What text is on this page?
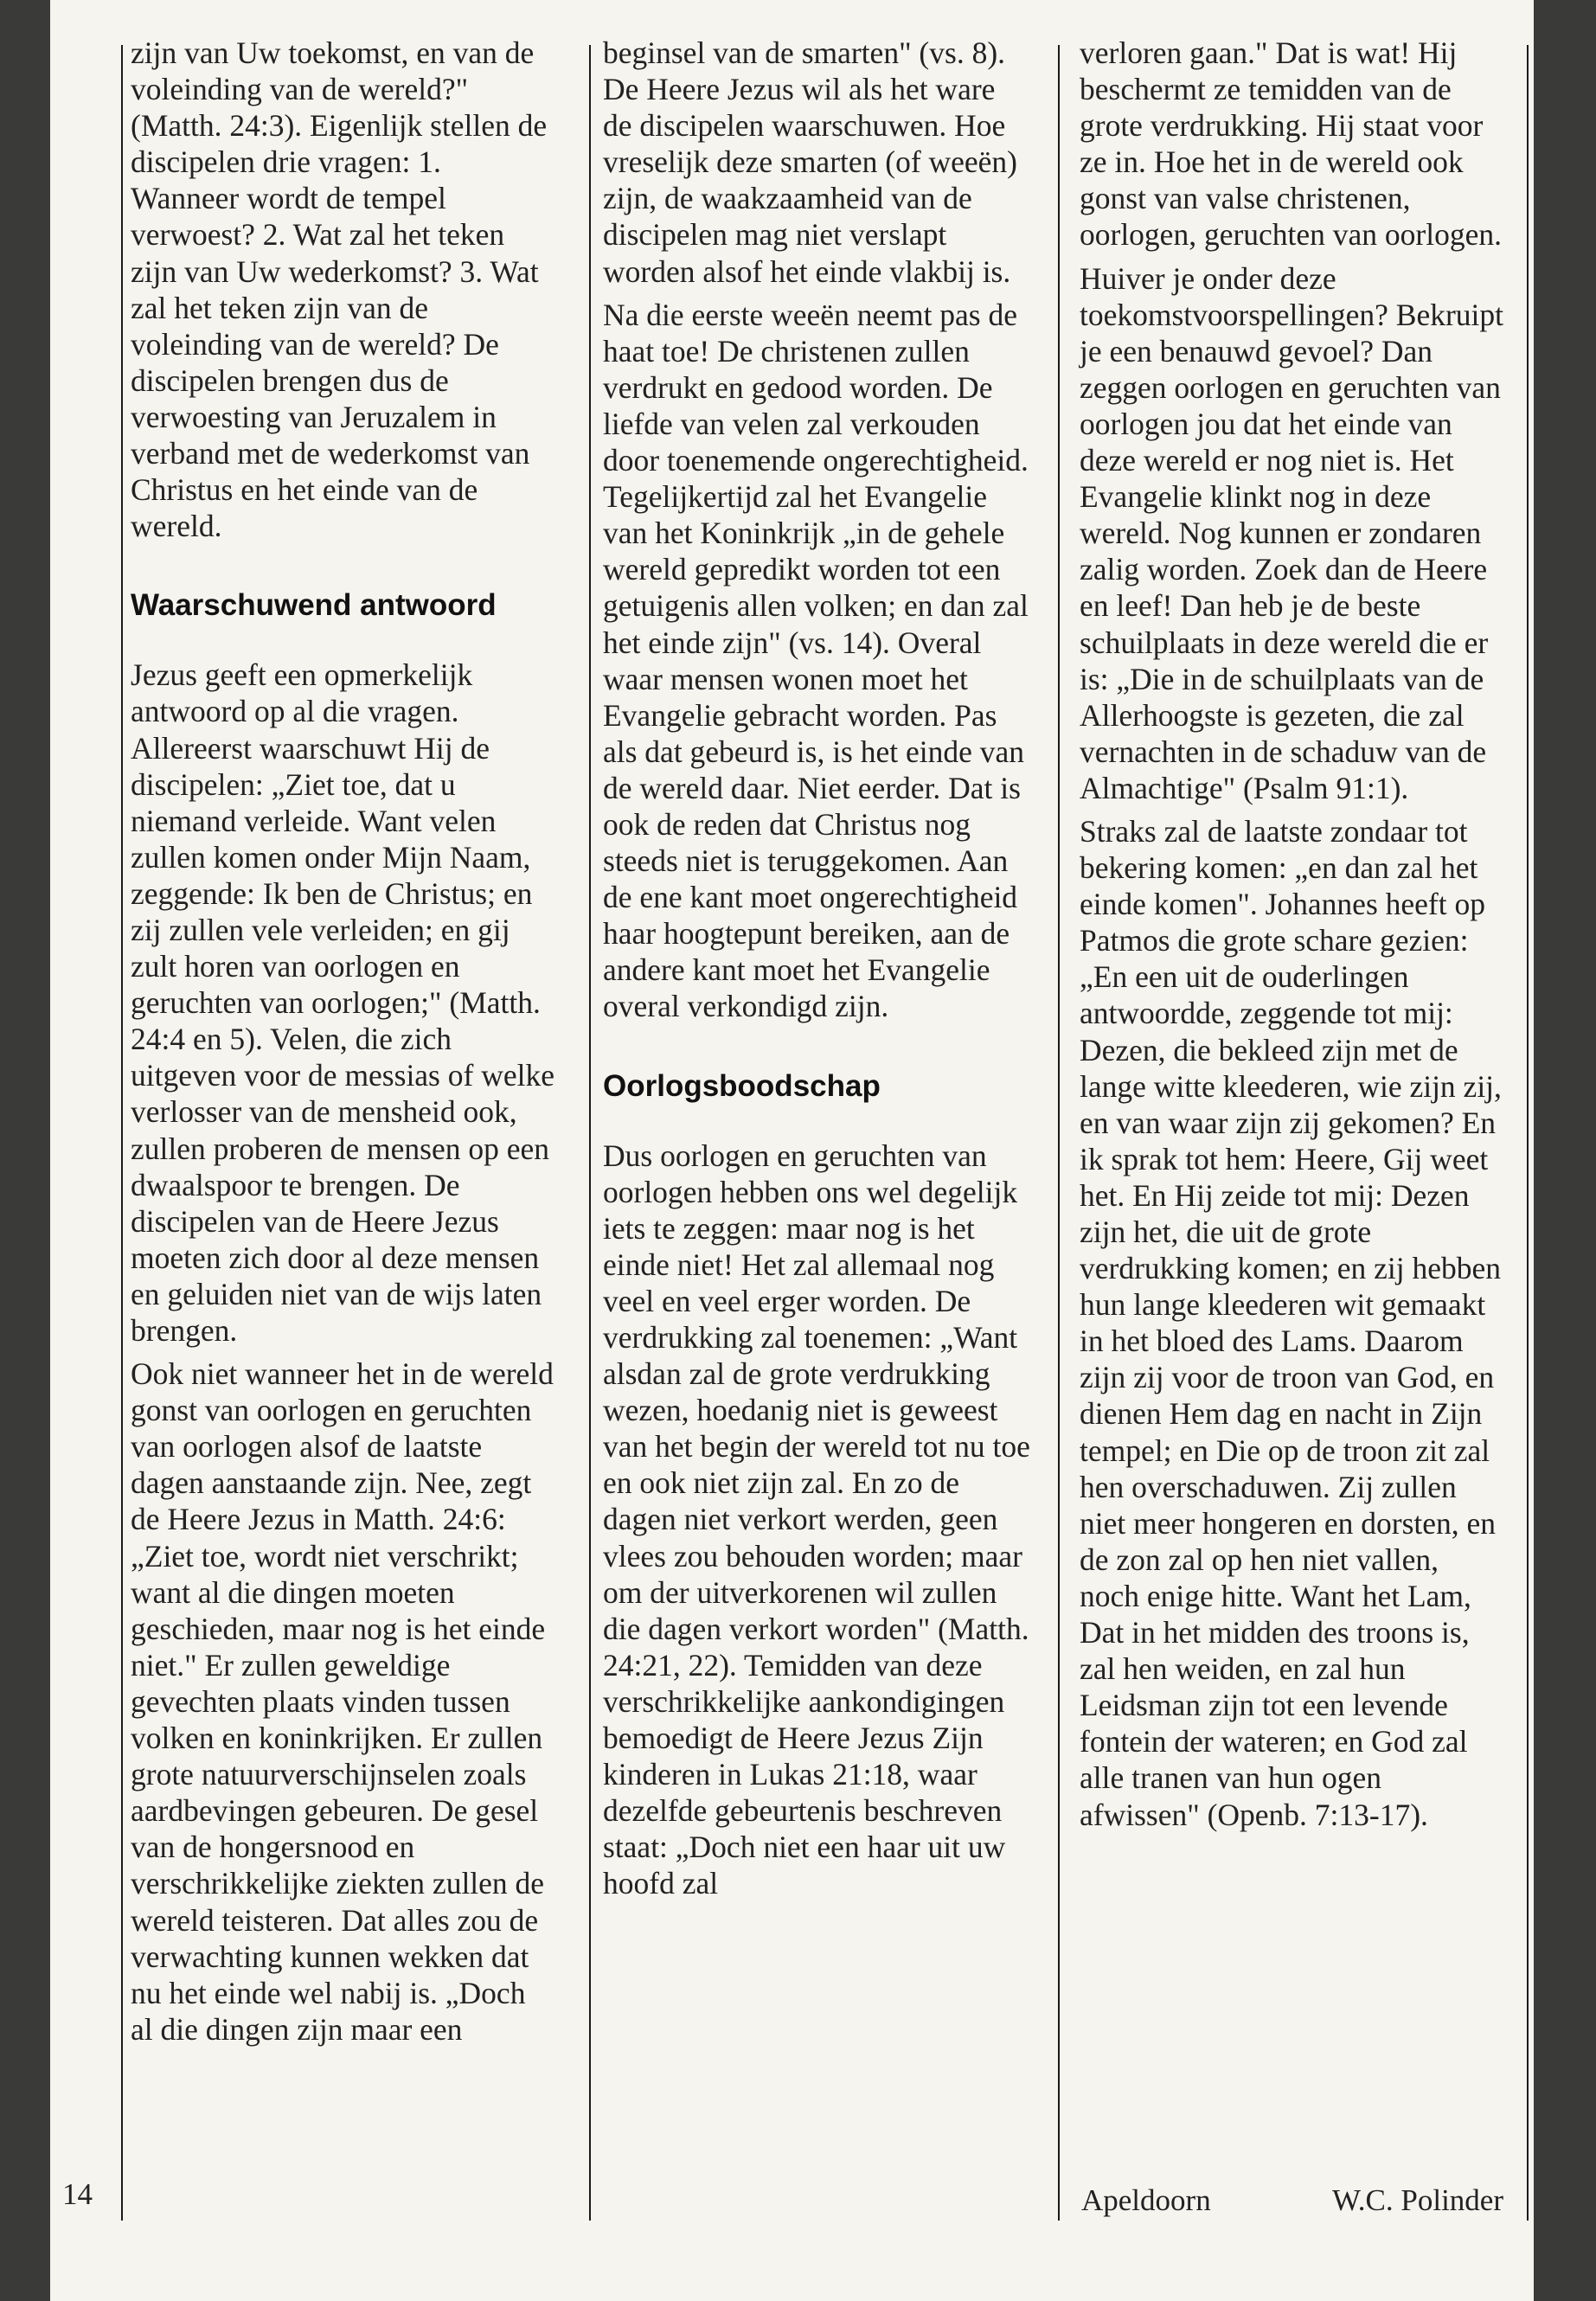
zijn van Uw toekomst, en van de voleinding van de wereld?" (Matth. 24:3). Eigenlijk stellen de discipelen drie vragen: 1. Wanneer wordt de tempel verwoest? 2. Wat zal het teken zijn van Uw wederkomst? 3. Wat zal het teken zijn van de voleinding van de wereld? De discipelen brengen dus de verwoesting van Jeruzalem in verband met de wederkomst van Christus en het einde van de wereld.

Waarschuwend antwoord

Jezus geeft een opmerkelijk antwoord op al die vragen. Allereerst waarschuwt Hij de discipelen: „Ziet toe, dat u niemand verleide. Want velen zullen komen onder Mijn Naam, zeggende: Ik ben de Christus; en zij zullen vele verleiden; en gij zult horen van oorlogen en geruchten van oorlogen;" (Matth. 24:4 en 5). Velen, die zich uitgeven voor de messias of welke verlosser van de mensheid ook, zullen proberen de mensen op een dwaalspoor te brengen. De discipelen van de Heere Jezus moeten zich door al deze mensen en geluiden niet van de wijs laten brengen.

Ook niet wanneer het in de wereld gonst van oorlogen en geruchten van oorlogen alsof de laatste dagen aanstaande zijn. Nee, zegt de Heere Jezus in Matth. 24:6: „Ziet toe, wordt niet verschrikt; want al die dingen moeten geschieden, maar nog is het einde niet." Er zullen geweldige gevechten plaats vinden tussen volken en koninkrijken. Er zullen grote natuurverschijnselen zoals aardbevingen gebeuren. De gesel van de hongersnood en verschrikkelijke ziekten zullen de wereld teisteren. Dat alles zou de verwachting kunnen wekken dat nu het einde wel nabij is. „Doch al die dingen zijn maar een

beginsel van de smarten" (vs. 8). De Heere Jezus wil als het ware de discipelen waarschuwen. Hoe vreselijk deze smarten (of weeën) zijn, de waakzaamheid van de discipelen mag niet verslapt worden alsof het einde vlakbij is.

Na die eerste weeën neemt pas de haat toe! De christenen zullen verdrukt en gedood worden. De liefde van velen zal verkouden door toenemende ongerechtigheid. Tegelijkertijd zal het Evangelie van het Koninkrijk „in de gehele wereld gepredikt worden tot een getuigenis allen volken; en dan zal het einde zijn" (vs. 14). Overal waar mensen wonen moet het Evangelie gebracht worden. Pas als dat gebeurd is, is het einde van de wereld daar. Niet eerder. Dat is ook de reden dat Christus nog steeds niet is teruggekomen. Aan de ene kant moet ongerechtigheid haar hoogtepunt bereiken, aan de andere kant moet het Evangelie overal verkondigd zijn.

Oorlogsboodschap

Dus oorlogen en geruchten van oorlogen hebben ons wel degelijk iets te zeggen: maar nog is het einde niet! Het zal allemaal nog veel en veel erger worden. De verdrukking zal toenemen: „Want alsdan zal de grote verdrukking wezen, hoedanig niet is geweest van het begin der wereld tot nu toe en ook niet zijn zal. En zo de dagen niet verkort werden, geen vlees zou behouden worden; maar om der uitverkorenen wil zullen die dagen verkort worden" (Matth. 24:21, 22). Temidden van deze verschrikkelijke aankondigingen bemoedigt de Heere Jezus Zijn kinderen in Lukas 21:18, waar dezelfde gebeurtenis beschreven staat: „Doch niet een haar uit uw hoofd zal

verloren gaan." Dat is wat! Hij beschermt ze temidden van de grote verdrukking. Hij staat voor ze in. Hoe het in de wereld ook gonst van valse christenen, oorlogen, geruchten van oorlogen.

Huiver je onder deze toekomstvoorspellingen? Bekruipt je een benauwd gevoel? Dan zeggen oorlogen en geruchten van oorlogen jou dat het einde van deze wereld er nog niet is. Het Evangelie klinkt nog in deze wereld. Nog kunnen er zondaren zalig worden. Zoek dan de Heere en leef! Dan heb je de beste schuilplaats in deze wereld die er is: „Die in de schuilplaats van de Allerhoogste is gezeten, die zal vernachten in de schaduw van de Almachtige" (Psalm 91:1).

Straks zal de laatste zondaar tot bekering komen: „en dan zal het einde komen". Johannes heeft op Patmos die grote schare gezien: „En een uit de ouderlingen antwoordde, zeggende tot mij: Dezen, die bekleed zijn met de lange witte kleederen, wie zijn zij, en van waar zijn zij gekomen? En ik sprak tot hem: Heere, Gij weet het. En Hij zeide tot mij: Dezen zijn het, die uit de grote verdrukking komen; en zij hebben hun lange kleederen wit gemaakt in het bloed des Lams. Daarom zijn zij voor de troon van God, en dienen Hem dag en nacht in Zijn tempel; en Die op de troon zit zal hen overschaduwen. Zij zullen niet meer hongeren en dorsten, en de zon zal op hen niet vallen, noch enige hitte. Want het Lam, Dat in het midden des troons is, zal hen weiden, en zal hun Leidsman zijn tot een levende fontein der wateren; en God zal alle tranen van hun ogen afwissen" (Openb. 7:13-17).

14	Apeldoorn	W.C. Polinder
